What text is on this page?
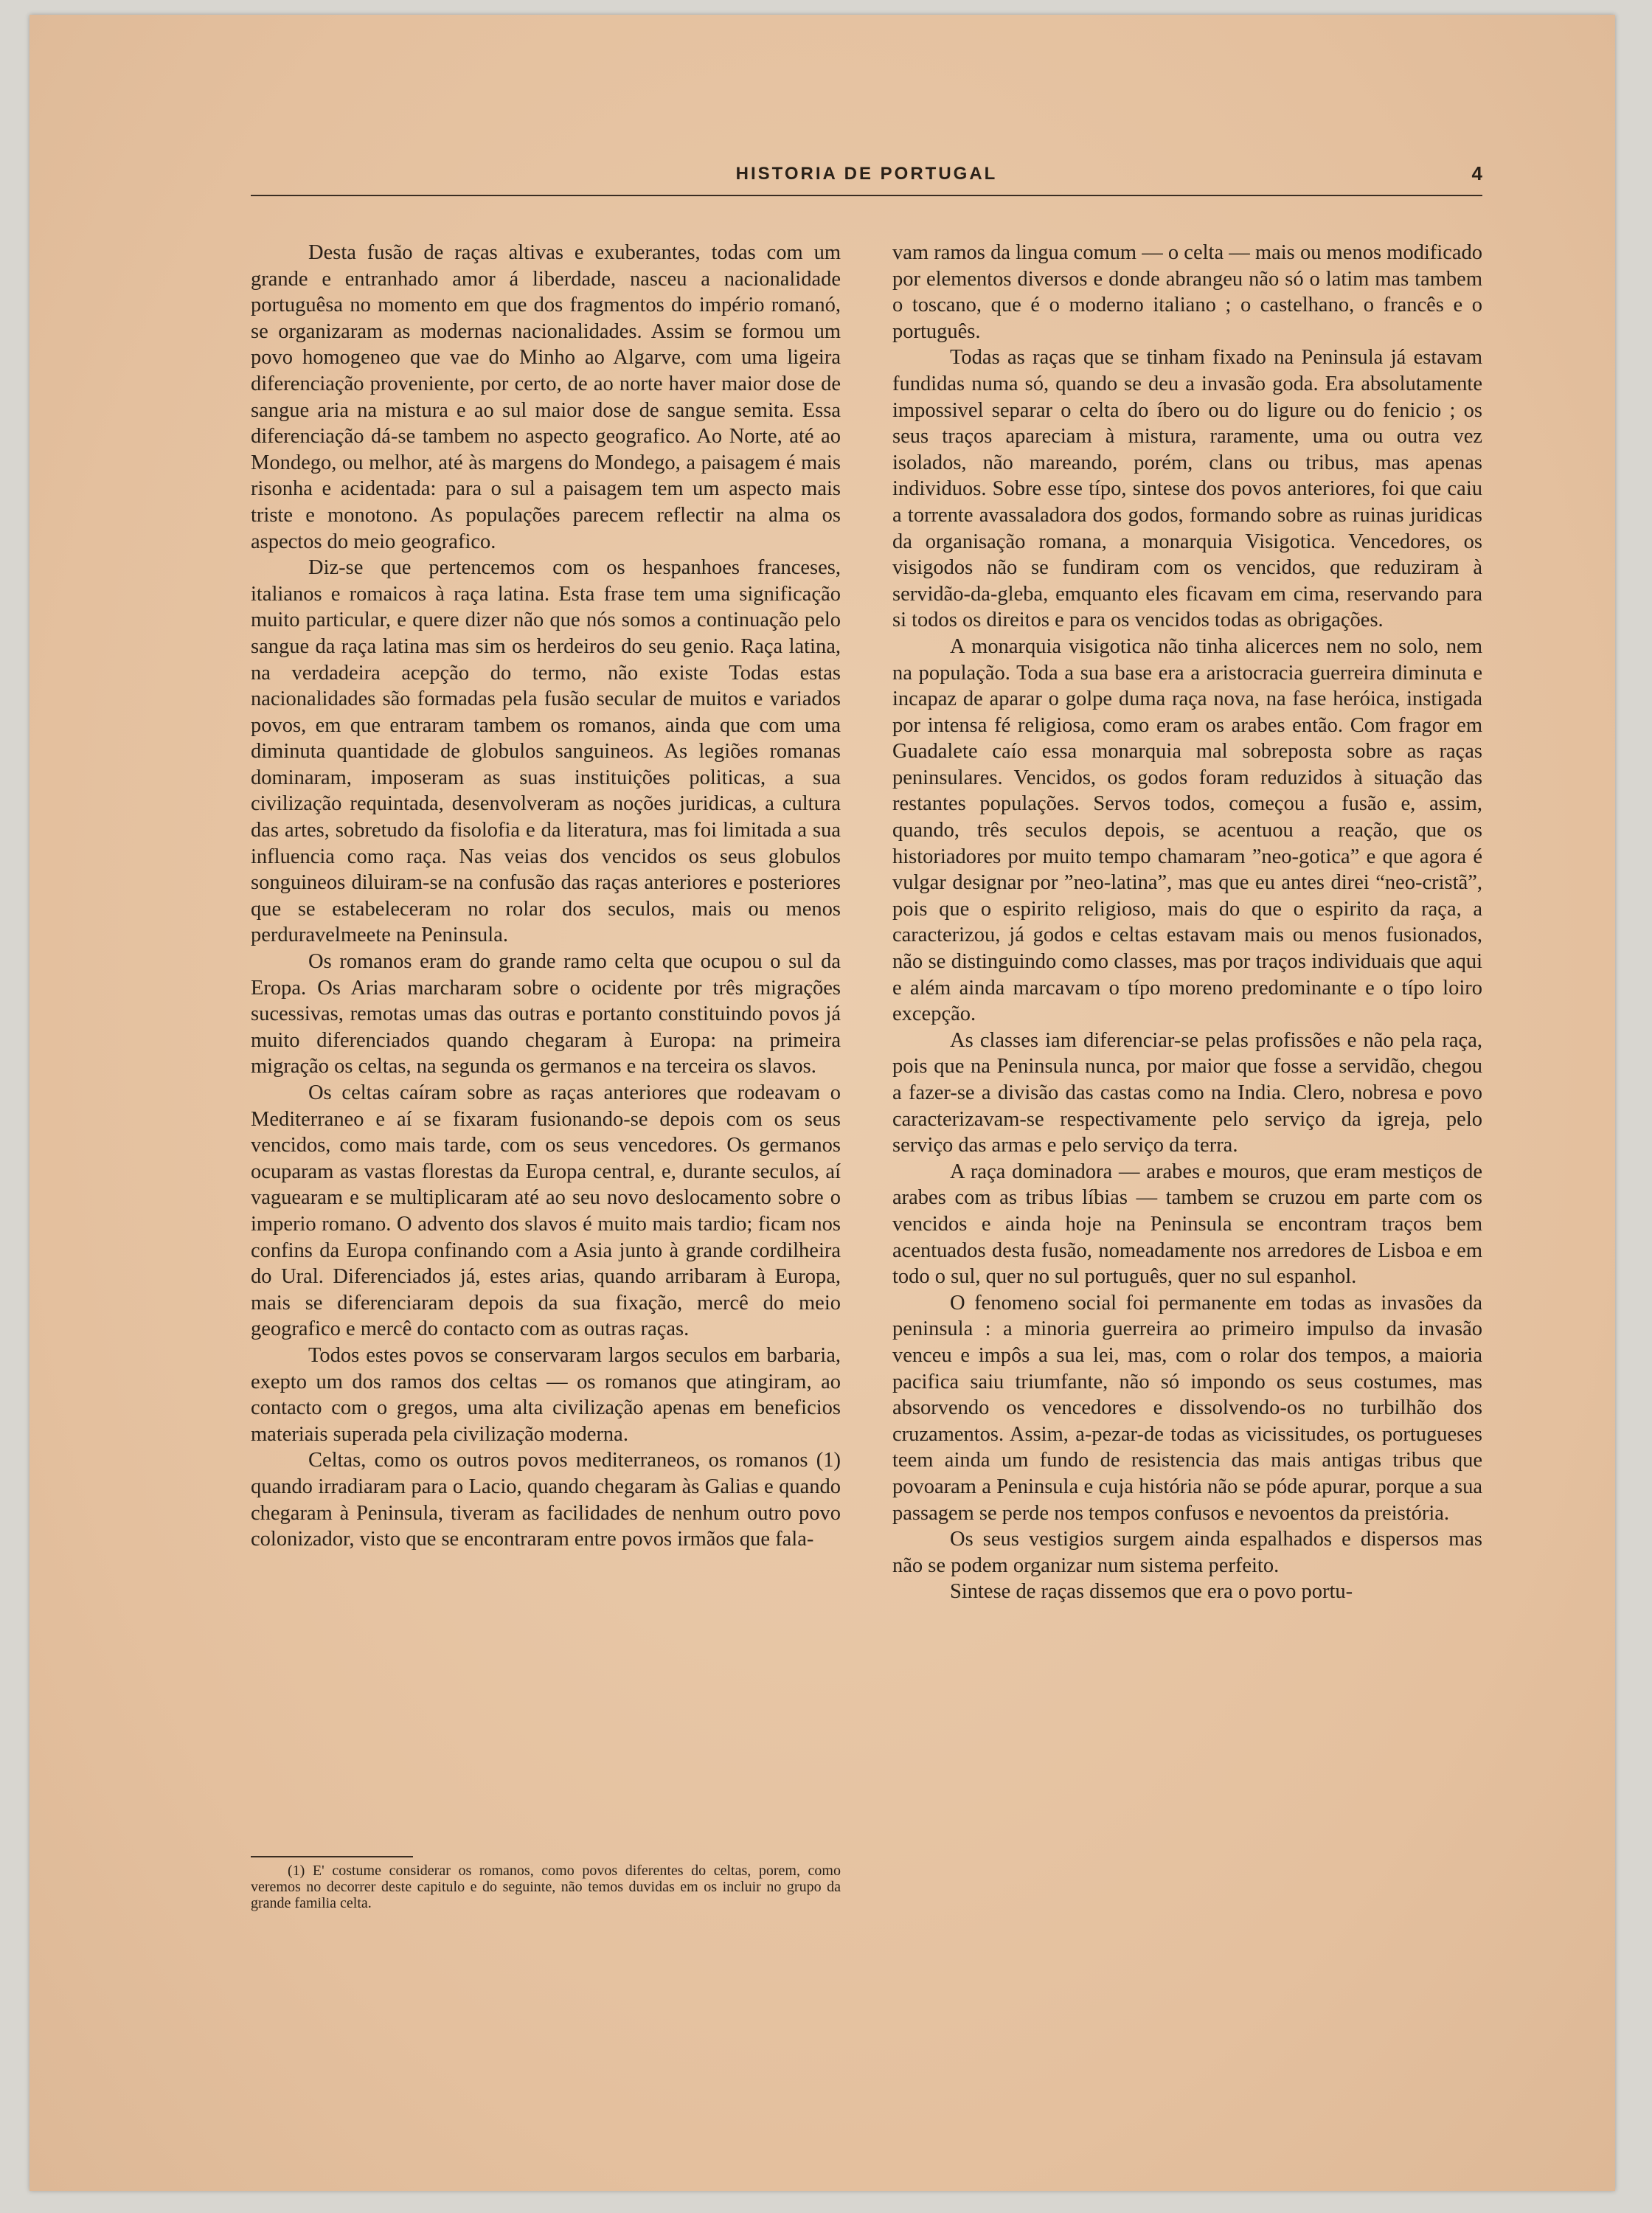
HISTORIA DE PORTUGAL	4

Desta fusão de raças altivas e exuberantes, todas com um grande e entranhado amor á liberdade, nasceu a nacionalidade portuguêsa no momento em que dos fragmentos do império romanó, se organizaram as modernas nacionalidades. Assim se formou um povo homogeneo que vae do Minho ao Algarve, com uma ligeira diferenciação proveniente, por certo, de ao norte haver maior dose de sangue aria na mistura e ao sul maior dose de sangue semita. Essa diferenciação dá-se tambem no aspecto geografico. Ao Norte, até ao Mondego, ou melhor, até às margens do Mondego, a paisagem é mais risonha e acidentada: para o sul a paisagem tem um aspecto mais triste e monotono. As populações parecem reflectir na alma os aspectos do meio geografico.

Diz-se que pertencemos com os hespanhoes franceses, italianos e romaicos à raça latina. Esta frase tem uma significação muito particular, e quere dizer não que nós somos a continuação pelo sangue da raça latina mas sim os herdeiros do seu genio. Raça latina, na verdadeira acepção do termo, não existe Todas estas nacionalidades são formadas pela fusão secular de muitos e variados povos, em que entraram tambem os romanos, ainda que com uma diminuta quantidade de globulos sanguineos. As legiões romanas dominaram, imposeram as suas instituições politicas, a sua civilização requintada, desenvolveram as noções juridicas, a cultura das artes, sobretudo da fisolofia e da literatura, mas foi limitada a sua influencia como raça. Nas veias dos vencidos os seus globulos songuineos diluiram-se na confusão das raças anteriores e posteriores que se estabeleceram no rolar dos seculos, mais ou menos perduravelmeete na Peninsula.

Os romanos eram do grande ramo celta que ocupou o sul da Eropa. Os Arias marcharam sobre o ocidente por três migrações sucessivas, remotas umas das outras e portanto constituindo povos já muito diferenciados quando chegaram à Europa: na primeira migração os celtas, na segunda os germanos e na terceira os slavos.

Os celtas caíram sobre as raças anteriores que rodeavam o Mediterraneo e aí se fixaram fusionando-se depois com os seus vencidos, como mais tarde, com os seus vencedores. Os germanos ocuparam as vastas florestas da Europa central, e, durante seculos, aí vaguearam e se multiplicaram até ao seu novo deslocamento sobre o imperio romano. O advento dos slavos é muito mais tardio; ficam nos confins da Europa confinando com a Asia junto à grande cordilheira do Ural. Diferenciados já, estes arias, quando arribaram à Europa, mais se diferenciaram depois da sua fixação, mercê do meio geografico e mercê do contacto com as outras raças.

Todos estes povos se conservaram largos seculos em barbaria, exepto um dos ramos dos celtas — os romanos que atingiram, ao contacto com o gregos, uma alta civilização apenas em beneficios materiais superada pela civilização moderna.

Celtas, como os outros povos mediterraneos, os romanos (1) quando irradiaram para o Lacio, quando chegaram às Galias e quando chegaram à Peninsula, tiveram as facilidades de nenhum outro povo colonizador, visto que se encontraram entre povos irmãos que fala-

vam ramos da lingua comum — o celta — mais ou menos modificado por elementos diversos e donde abrangeu não só o latim mas tambem o toscano, que é o moderno italiano ; o castelhano, o francês e o português.

Todas as raças que se tinham fixado na Peninsula já estavam fundidas numa só, quando se deu a invasão goda. Era absolutamente impossivel separar o celta do íbero ou do ligure ou do fenicio ; os seus traços apareciam à mistura, raramente, uma ou outra vez isolados, não mareando, porém, clans ou tribus, mas apenas individuos. Sobre esse típo, sintese dos povos anteriores, foi que caiu a torrente avassaladora dos godos, formando sobre as ruinas juridicas da organisação romana, a monarquia Visigotica. Vencedores, os visigodos não se fundiram com os vencidos, que reduziram à servidão-da-gleba, emquanto eles ficavam em cima, reservando para si todos os direitos e para os vencidos todas as obrigações.

A monarquia visigotica não tinha alicerces nem no solo, nem na população. Toda a sua base era a aristocracia guerreira diminuta e incapaz de aparar o golpe duma raça nova, na fase heróica, instigada por intensa fé religiosa, como eram os arabes então. Com fragor em Guadalete caío essa monarquia mal sobreposta sobre as raças peninsulares. Vencidos, os godos foram reduzidos à situação das restantes populações. Servos todos, começou a fusão e, assim, quando, três seculos depois, se acentuou a reação, que os historiadores por muito tempo chamaram ”neo-gotica” e que agora é vulgar designar por ”neo-latina”, mas que eu antes direi “neo-cristã”, pois que o espirito religioso, mais do que o espirito da raça, a caracterizou, já godos e celtas estavam mais ou menos fusionados, não se distinguindo como classes, mas por traços individuais que aqui e além ainda marcavam o típo moreno predominante e o típo loiro excepção.

As classes iam diferenciar-se pelas profissões e não pela raça, pois que na Peninsula nunca, por maior que fosse a servidão, chegou a fazer-se a divisão das castas como na India. Clero, nobresa e povo caracterizavam-se respectivamente pelo serviço da igreja, pelo serviço das armas e pelo serviço da terra.

A raça dominadora — arabes e mouros, que eram mestiços de arabes com as tribus líbias — tambem se cruzou em parte com os vencidos e ainda hoje na Peninsula se encontram traços bem acentuados desta fusão, nomeadamente nos arredores de Lisboa e em todo o sul, quer no sul português, quer no sul espanhol.

O fenomeno social foi permanente em todas as invasões da peninsula : a minoria guerreira ao primeiro impulso da invasão venceu e impôs a sua lei, mas, com o rolar dos tempos, a maioria pacifica saiu triumfante, não só impondo os seus costumes, mas absorvendo os vencedores e dissolvendo-os no turbilhão dos cruzamentos. Assim, a-pezar-de todas as vicissitudes, os portugueses teem ainda um fundo de resistencia das mais antigas tribus que povoaram a Peninsula e cuja história não se póde apurar, porque a sua passagem se perde nos tempos confusos e nevoentos da preistória.

Os seus vestigios surgem ainda espalhados e dispersos mas não se podem organizar num sistema perfeito.

Sintese de raças dissemos que era o povo portu-

(1) E' costume considerar os romanos, como povos diferentes do celtas, porem, como veremos no decorrer deste capitulo e do seguinte, não temos duvidas em os incluir no grupo da grande familia celta.
